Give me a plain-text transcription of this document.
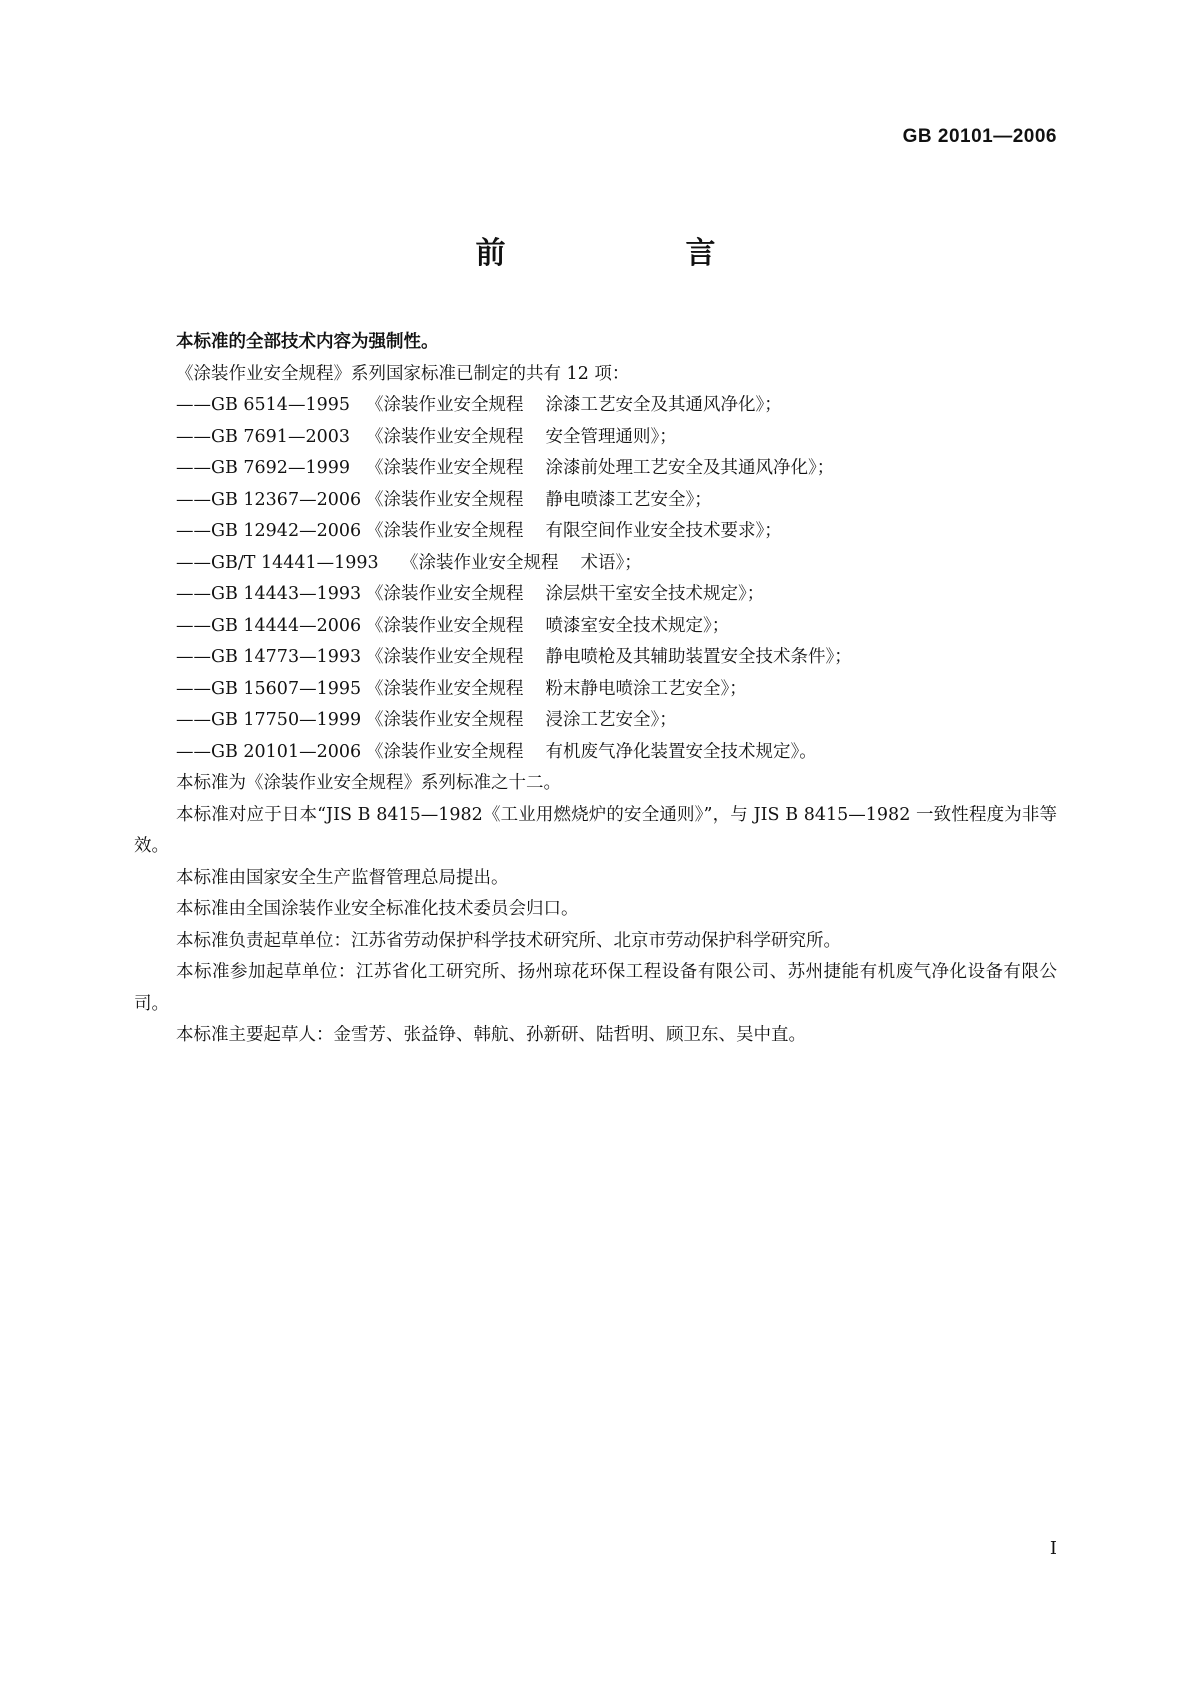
GB 20101—2006
前　　言

本标准的全部技术内容为强制性。

《涂装作业安全规程》系列国家标准已制定的共有 12 项：

——GB 6514—1995 《涂装作业安全规程 涂漆工艺安全及其通风净化》；
——GB 7691—2003 《涂装作业安全规程 安全管理通则》；
——GB 7692—1999 《涂装作业安全规程 涂漆前处理工艺安全及其通风净化》；
——GB 12367—2006 《涂装作业安全规程 静电喷漆工艺安全》；
——GB 12942—2006 《涂装作业安全规程 有限空间作业安全技术要求》；
——GB/T 14441—1993 《涂装作业安全规程 术语》；
——GB 14443—1993 《涂装作业安全规程 涂层烘干室安全技术规定》；
——GB 14444—2006 《涂装作业安全规程 喷漆室安全技术规定》；
——GB 14773—1993 《涂装作业安全规程 静电喷枪及其辅助装置安全技术条件》；
——GB 15607—1995 《涂装作业安全规程 粉末静电喷涂工艺安全》；
——GB 17750—1999 《涂装作业安全规程 浸涂工艺安全》；
——GB 20101—2006 《涂装作业安全规程 有机废气净化装置安全技术规定》。

本标准为《涂装作业安全规程》系列标准之十二。

本标准对应于日本“JIS B 8415—1982《工业用燃烧炉的安全通则》”，与 JIS B 8415—1982 一致性程度为非等效。

本标准由国家安全生产监督管理总局提出。

本标准由全国涂装作业安全标准化技术委员会归口。

本标准负责起草单位：江苏省劳动保护科学技术研究所、北京市劳动保护科学研究所。

本标准参加起草单位：江苏省化工研究所、扬州琼花环保工程设备有限公司、苏州捷能有机废气净化设备有限公司。

本标准主要起草人：金雪芳、张益铮、韩航、孙新研、陆哲明、顾卫东、吴中直。

I
